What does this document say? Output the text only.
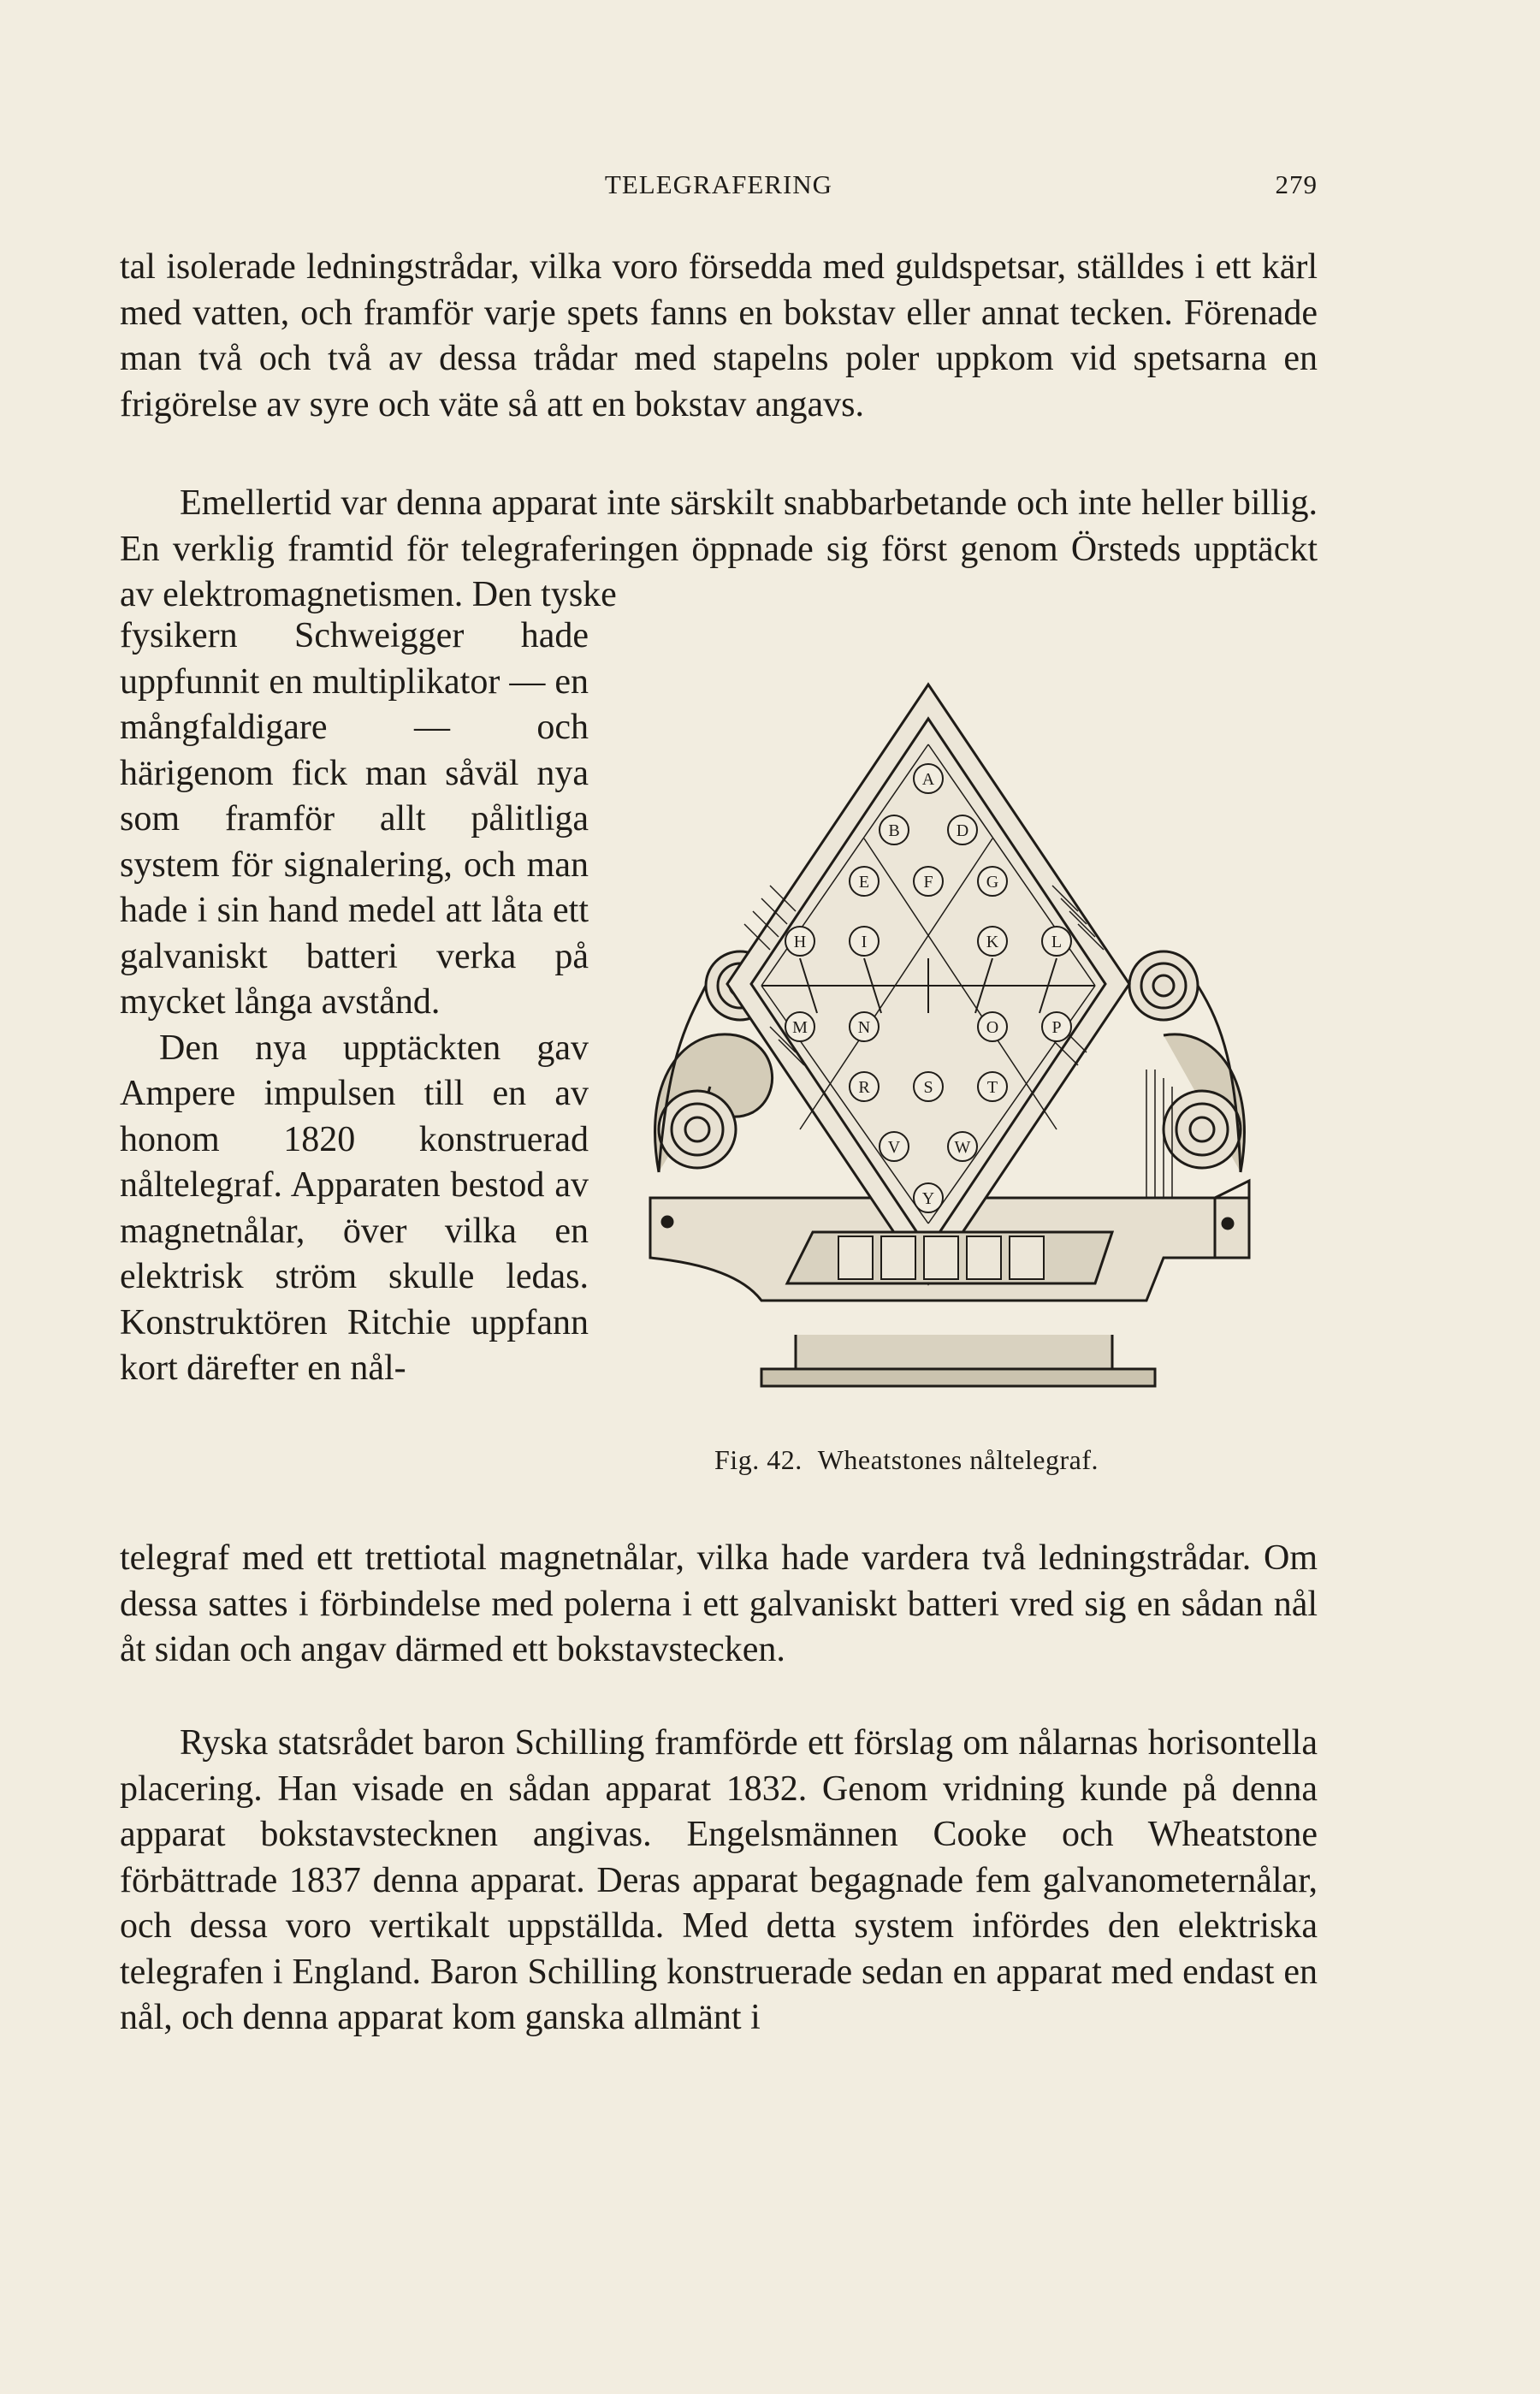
TELEGRAFERING	279
tal isolerade ledningstrådar, vilka voro försedda med guldspetsar, ställdes i ett kärl med vatten, och framför varje spets fanns en bokstav eller annat tecken. Förenade man två och två av dessa trådar med stapelns poler uppkom vid spetsarna en frigörelse av syre och väte så att en bokstav angavs.
Emellertid var denna apparat inte särskilt snabbarbetande och inte heller billig. En verklig framtid för telegraferingen öppnade sig först genom Örsteds upptäckt av elektromagnetismen. Den tyske

fysikern Schweigger hade uppfunnit en multiplikator — en mångfaldigare — och härigenom fick man såväl nya som framför allt pålitliga system för signalering, och man hade i sin hand medel att låta ett galvaniskt batteri verka på mycket långa avstånd.

Den nya upptäckten gav Ampere impulsen till en av honom 1820 konstruerad nåltelegraf. Apparaten bestod av magnetnålar, över vilka en elektrisk ström skulle ledas. Konstruktören Ritchie uppfann kort därefter en nål-

telegraf med ett trettiotal magnetnålar, vilka hade vardera två ledningstrådar. Om dessa sattes i förbindelse med polerna i ett galvaniskt batteri vred sig en sådan nål åt sidan och angav därmed ett bokstavstecken.
Ryska statsrådet baron Schilling framförde ett förslag om nålarnas horisontella placering. Han visade en sådan apparat 1832. Genom vridning kunde på denna apparat bokstavstecknen angivas. Engelsmännen Cooke och Wheatstone förbättrade 1837 denna apparat. Deras apparat begagnade fem galvanometernålar, och dessa voro vertikalt uppställda. Med detta system infördes den elektriska telegrafen i England. Baron Schilling konstruerade sedan en apparat med endast en nål, och denna apparat kom ganska allmänt i
A
B	D
E	F	G
H	I	K	L
M	N	O	P
R	S	T
V	W
Y
Fig. 42. Wheatstones nåltelegraf.
